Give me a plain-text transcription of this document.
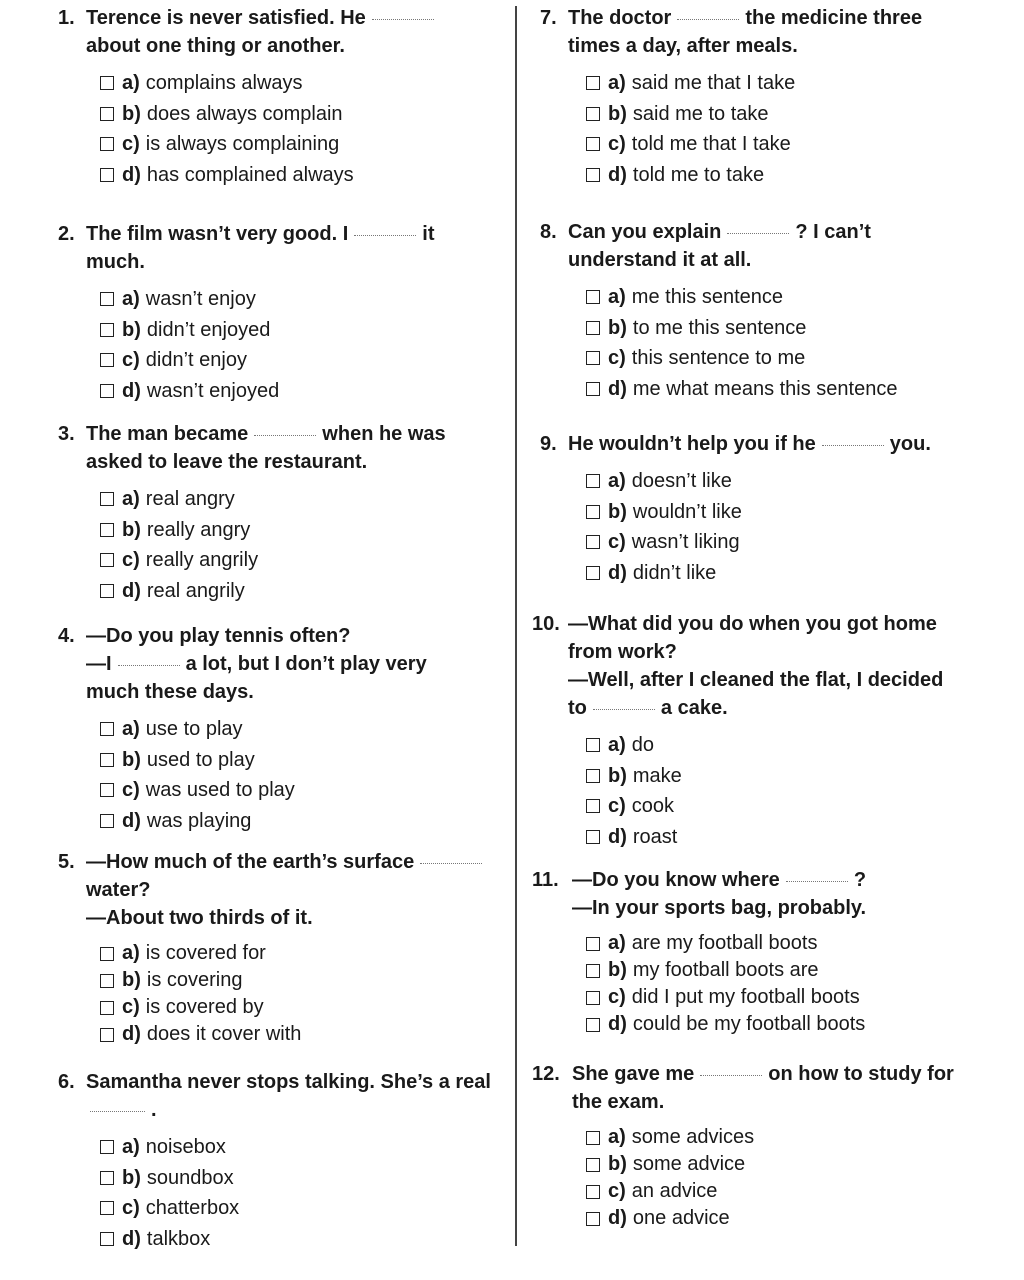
1. Terence is never satisfied. He
about one thing or another.
a) complains always
b) does always complain
c) is always complaining
d) has complained always
2. The film wasn’t very good. I	it
much.
a) wasn’t enjoy
b) didn’t enjoyed
c) didn’t enjoy
d) wasn’t enjoyed
3. The man became	when he was
asked to leave the restaurant.
a) real angry
b) really angry
c) really angrily
d) real angrily
4. —Do you play tennis often?
—I	a lot, but I don’t play very
much these days.
a) use to play
b) used to play
c) was used to play
d) was playing
5. —How much of the earth’s surface
water?
—About two thirds of it.
a) is covered for
b) is covering
c) is covered by
d) does it cover with
6. Samantha never stops talking. She’s a real
.
a) noisebox
b) soundbox
c) chatterbox
d) talkbox
7. The doctor	the medicine three
times a day, after meals.
a) said me that I take
b) said me to take
c) told me that I take
d) told me to take
8. Can you explain	? I can’t
understand it at all.
a) me this sentence
b) to me this sentence
c) this sentence to me
d) me what means this sentence
9. He wouldn’t help you if he	you.
a) doesn’t like
b) wouldn’t like
c) wasn’t liking
d) didn’t like
10. —What did you do when you got home
from work?
—Well, after I cleaned the flat, I decided
to	a cake.
a) do
b) make
c) cook
d) roast
11. —Do you know where	?
—In your sports bag, probably.
a) are my football boots
b) my football boots are
c) did I put my football boots
d) could be my football boots
12. She gave me	on how to study for
the exam.
a) some advices
b) some advice
c) an advice
d) one advice
